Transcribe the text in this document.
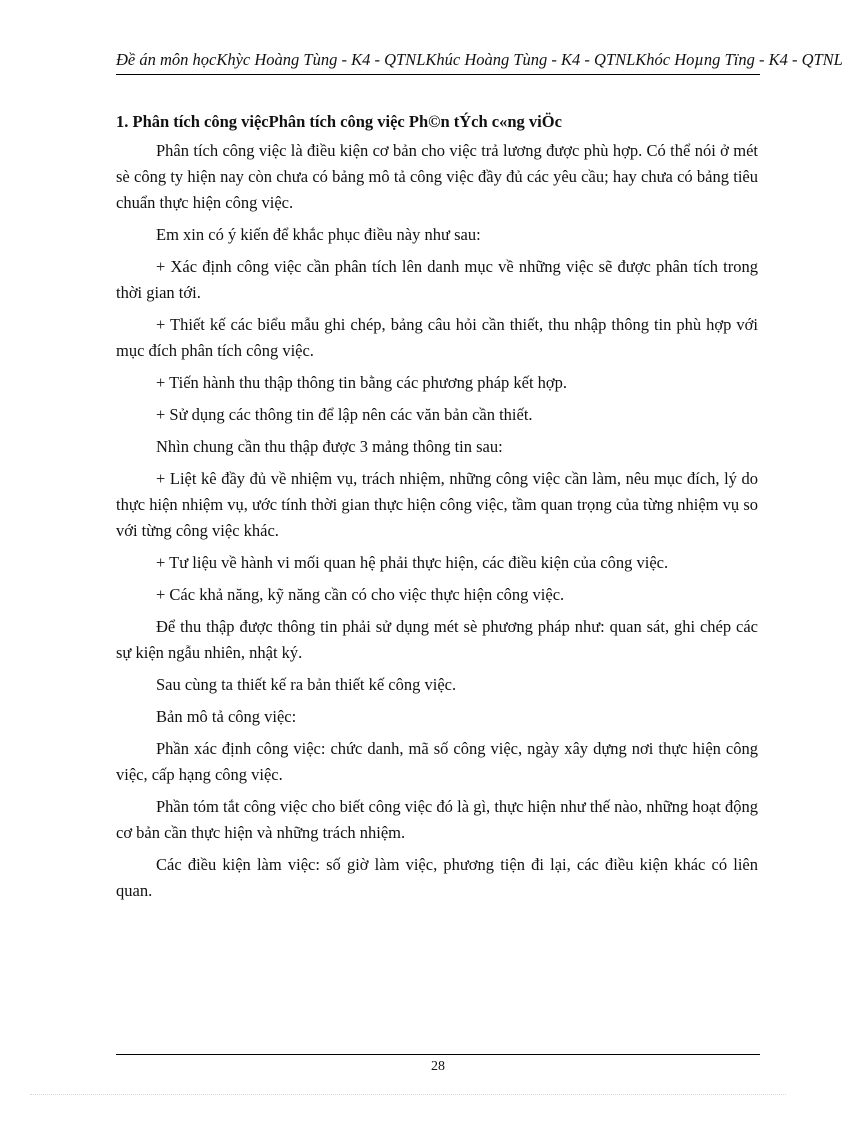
Đề án môn họcKhỳc Hoàng Tùng - K4 - QTNLKhúc Hoàng Tùng - K4 - QTNLKhóc Hoµng Tïng - K4 - QTNL
1. Phân tích công việcPhân tích công việc Ph©n tÝch c«ng viÖc

Phân tích công việc là điều kiện cơ bản cho việc trả lương được phù hợp. Có thể nói ở mét sè công ty hiện nay còn chưa có bảng mô tả công việc đầy đủ các yêu cầu; hay chưa có bảng tiêu chuẩn thực hiện công việc.

Em xin có ý kiến để khắc phục điều này như sau:

+ Xác định công việc cần phân tích lên danh mục về những việc sẽ được phân tích trong thời gian tới.

+ Thiết kế các biểu mẫu ghi chép, bảng câu hỏi cần thiết, thu nhập thông tin phù hợp với mục đích phân tích công việc.

+ Tiến hành thu thập thông tin bằng các phương pháp kết hợp.

+ Sử dụng các thông tin để lập nên các văn bản cần thiết.

Nhìn chung cần thu thập được 3 mảng thông tin sau:

+ Liệt kê đầy đủ về nhiệm vụ, trách nhiệm, những công việc cần làm, nêu mục đích, lý do thực hiện nhiệm vụ, ước tính thời gian thực hiện công việc, tầm quan trọng của từng nhiệm vụ so với từng công việc khác.

+ Tư liệu về hành vi mối quan hệ phải thực hiện, các điều kiện của công việc.

+ Các khả năng, kỹ năng cần có cho việc thực hiện công việc.

Để thu thập được thông tin phải sử dụng mét sè phương pháp như: quan sát, ghi chép các sự kiện ngẫu nhiên, nhật ký.

Sau cùng ta thiết kế ra bản thiết kế công việc.

Bản mô tả công việc:

Phần xác định công việc: chức danh, mã số công việc, ngày xây dựng nơi thực hiện công việc, cấp hạng công việc.

Phần tóm tắt công việc cho biết công việc đó là gì, thực hiện như thế nào, những hoạt động cơ bản cần thực hiện và những trách nhiệm.

Các điều kiện làm việc: số giờ làm việc, phương tiện đi lại, các điều kiện khác có liên quan.

28
